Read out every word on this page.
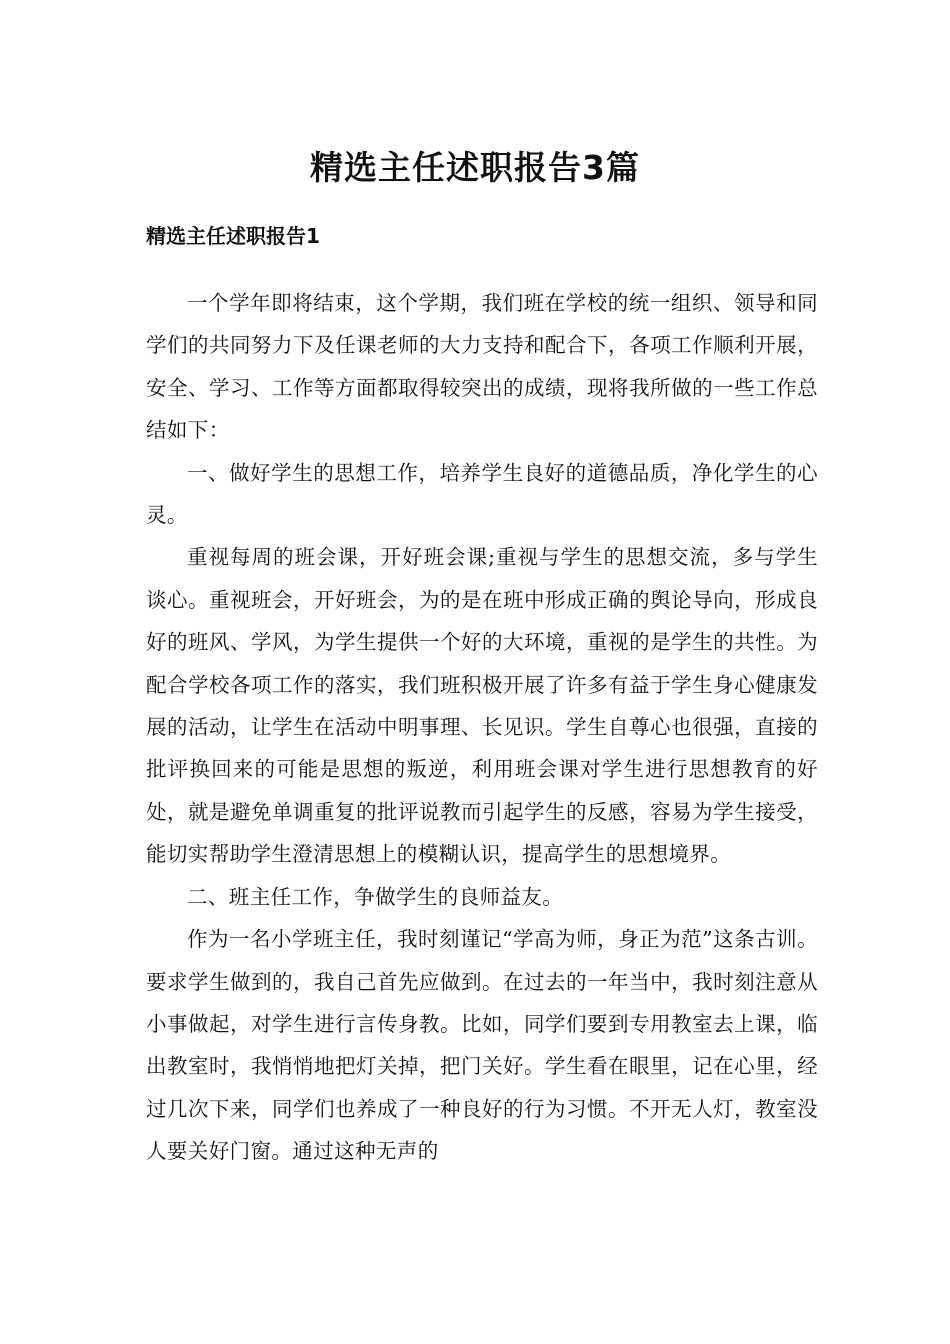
精选主任述职报告3篇
精选主任述职报告1

一个学年即将结束，这个学期，我们班在学校的统一组织、领导和同学们的共同努力下及任课老师的大力支持和配合下，各项工作顺利开展，安全、学习、工作等方面都取得较突出的成绩，现将我所做的一些工作总结如下：

一、做好学生的思想工作，培养学生良好的道德品质，净化学生的心灵。

重视每周的班会课，开好班会课;重视与学生的思想交流，多与学生谈心。重视班会，开好班会，为的是在班中形成正确的舆论导向，形成良好的班风、学风，为学生提供一个好的大环境，重视的是学生的共性。为配合学校各项工作的落实，我们班积极开展了许多有益于学生身心健康发展的活动，让学生在活动中明事理、长见识。学生自尊心也很强，直接的批评换回来的可能是思想的叛逆，利用班会课对学生进行思想教育的好处，就是避免单调重复的批评说教而引起学生的反感，容易为学生接受，能切实帮助学生澄清思想上的模糊认识，提高学生的思想境界。

二、班主任工作，争做学生的良师益友。

作为一名小学班主任，我时刻谨记“学高为师，身正为范”这条古训。要求学生做到的，我自己首先应做到。在过去的一年当中，我时刻注意从小事做起，对学生进行言传身教。比如，同学们要到专用教室去上课，临出教室时，我悄悄地把灯关掉，把门关好。学生看在眼里，记在心里，经过几次下来，同学们也养成了一种良好的行为习惯。不开无人灯，教室没人要关好门窗。通过这种无声的
